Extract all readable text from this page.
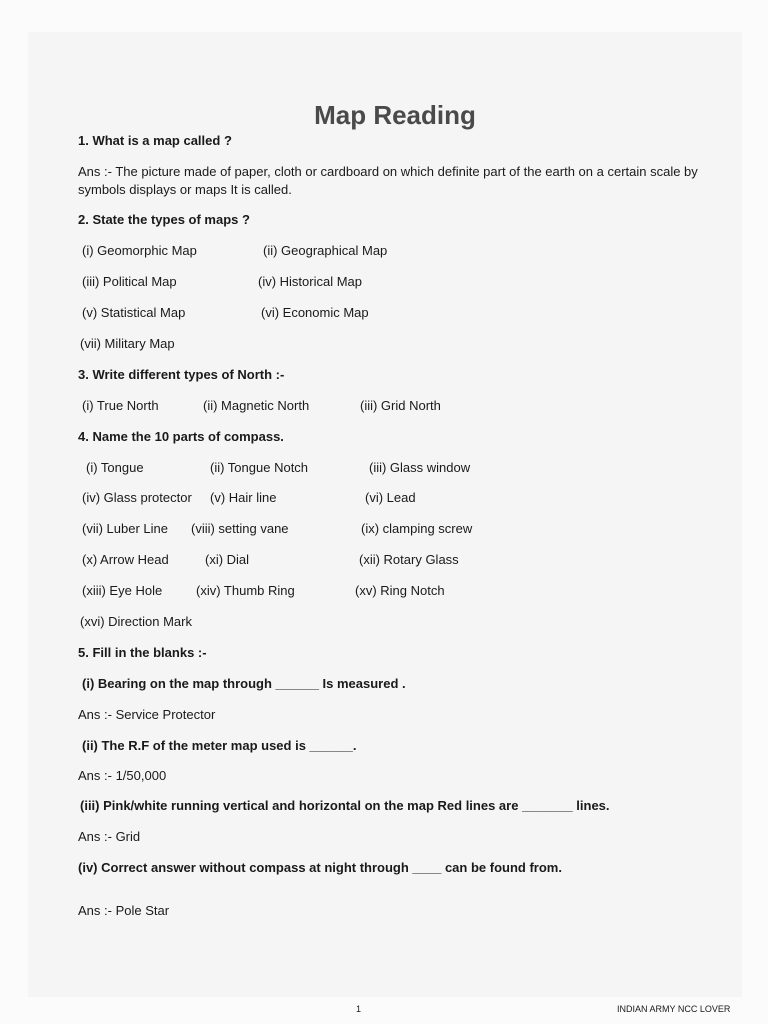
Map Reading
1. What is a map called ?
Ans :- The picture made of paper, cloth or cardboard on which definite part of the earth on a certain scale by symbols displays or maps It is called.
2. State the types of maps ?
(i) Geomorphic Map	(ii) Geographical Map
(iii) Political Map	(iv) Historical Map
(v) Statistical Map	(vi) Economic Map
(vii) Military Map
3. Write different types of North :-
(i) True North	(ii) Magnetic North	(iii) Grid North
4. Name the 10 parts of compass.
(i) Tongue	(ii) Tongue Notch	(iii) Glass window
(iv) Glass protector (v) Hair line	(vi) Lead
(vii) Luber Line (viii) setting vane	(ix) clamping screw
(x) Arrow Head	(xi) Dial	(xii) Rotary Glass
(xiii) Eye Hole	(xiv) Thumb Ring	(xv) Ring Notch
(xvi) Direction Mark
5. Fill in the blanks :-
(i) Bearing on the map through ______ Is measured .
Ans :- Service Protector
(ii) The R.F of the meter map used is ______.
Ans :- 1/50,000
(iii) Pink/white running vertical and horizontal on the map Red lines are _______ lines.
Ans :- Grid
(iv) Correct answer without compass at night through ____ can be found from.
Ans :- Pole Star
1	INDIAN ARMY NCC LOVER
